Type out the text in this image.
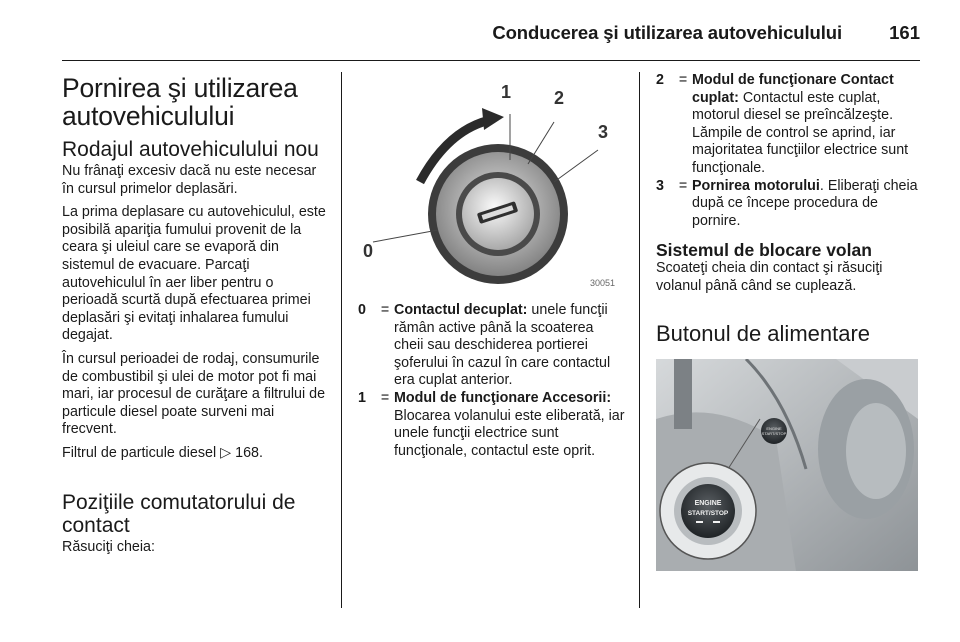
Conducerea şi utilizarea autovehiculului	161
Pornirea şi utilizarea autovehiculului
Rodajul autovehiculului nou

Nu frânaţi excesiv dacă nu este necesar în cursul primelor deplasări.

La prima deplasare cu autovehiculul, este posibilă apariţia fumului provenit de la ceara şi uleiul care se evaporă din sistemul de evacuare. Parcaţi autovehiculul în aer liber pentru o perioadă scurtă după efectuarea primei deplasări şi evitaţi inhalarea fumului degajat.

În cursul perioadei de rodaj, consumurile de combustibil şi ulei de motor pot fi mai mari, iar procesul de curăţare a filtrului de particule diesel poate surveni mai frecvent.

Filtrul de particule diesel ▷ 168.

Poziţiile comutatorului de contact

Răsuciţi cheia:

0
1 2
3
30051
0	= Contactul decuplat: unele funcţii rămân active până la scoaterea cheii sau deschiderea portierei şoferului în cazul în care contactul era cuplat anterior.
1	= Modul de funcţionare Accesorii: Blocarea volanului este eliberată, iar unele funcţii electrice sunt funcţionale, contactul este oprit.
2	= Modul de funcţionare Contact cuplat: Contactul este cuplat, motorul diesel se preîncălzeşte. Lămpile de control se aprind, iar majoritatea funcţiilor electrice sunt funcţionale.
3	= Pornirea motorului. Eliberaţi cheia după ce începe procedura de pornire.
Sistemul de blocare volan

Scoateţi cheia din contact şi răsuciţi volanul până când se cuplează.

Butonul de alimentare
ENGINE
START/STOP
ENGINE
START/STOP
